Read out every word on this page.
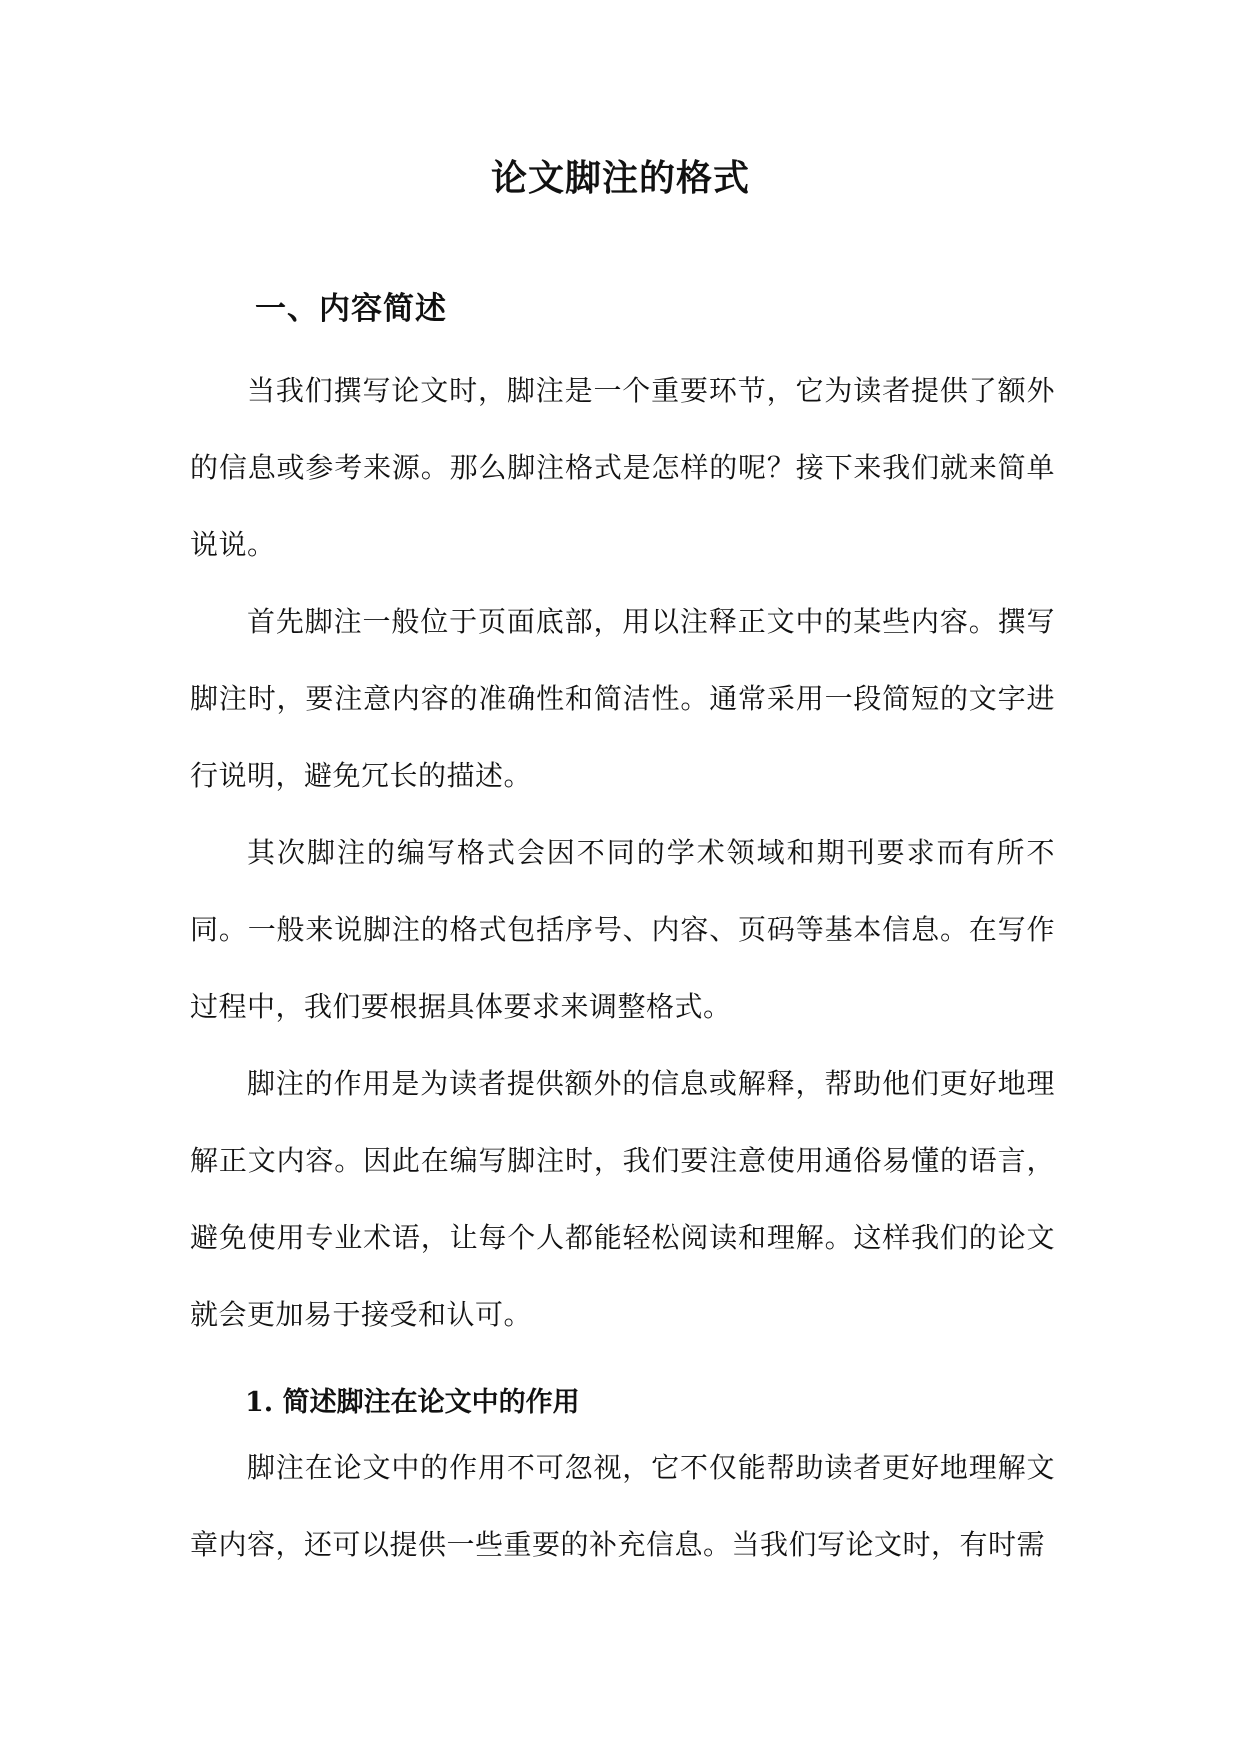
论文脚注的格式
一、内容简述

当我们撰写论文时，脚注是一个重要环节，它为读者提供了额外的信息或参考来源。那么脚注格式是怎样的呢？接下来我们就来简单说说。

首先脚注一般位于页面底部，用以注释正文中的某些内容。撰写脚注时，要注意内容的准确性和简洁性。通常采用一段简短的文字进行说明，避免冗长的描述。

其次脚注的编写格式会因不同的学术领域和期刊要求而有所不同。一般来说脚注的格式包括序号、内容、页码等基本信息。在写作过程中，我们要根据具体要求来调整格式。

脚注的作用是为读者提供额外的信息或解释，帮助他们更好地理解正文内容。因此在编写脚注时，我们要注意使用通俗易懂的语言，避免使用专业术语，让每个人都能轻松阅读和理解。这样我们的论文就会更加易于接受和认可。

1. 简述脚注在论文中的作用

脚注在论文中的作用不可忽视，它不仅能帮助读者更好地理解文章内容，还可以提供一些重要的补充信息。当我们写论文时，有时需
